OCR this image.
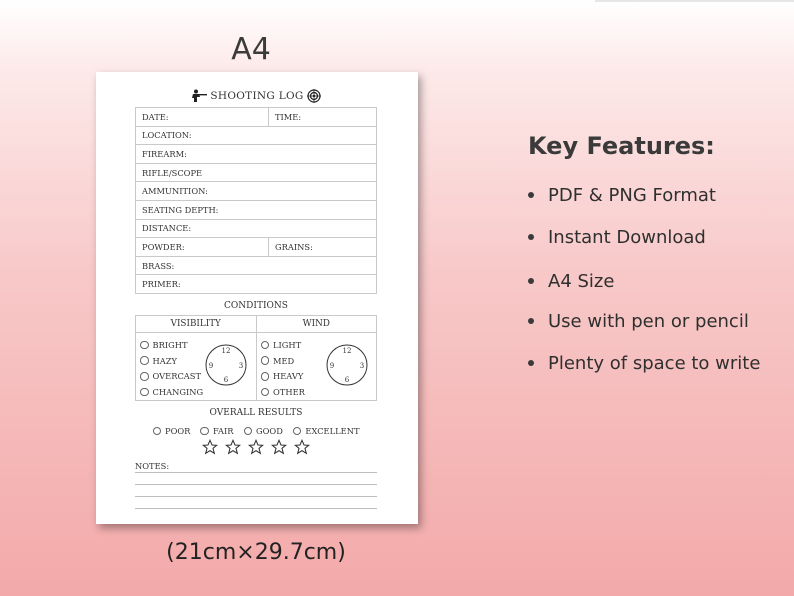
A4
SHOOTING LOG
DATE:	TIME:
LOCATION:	
FIREARM:	
RIFLE/SCOPE	
AMMUNITION:	
SEATING DEPTH:	
DISTANCE:	
POWDER:	GRAINS:
BRASS:	
PRIMER:	
CONDITIONS
VISIBILITY
BRIGHT
HAZY
OVERCAST
CHANGING
12
3
6
9
WIND
LIGHT
MED
HEAVY
OTHER
12
3
6
9
OVERALL RESULTS
POOR	FAIR	GOOD	EXCELLENT

NOTES:
(21cm×29.7cm)
Key Features:
PDF & PNG Format
Instant Download
A4 Size
Use with pen or pencil
Plenty of space to write
